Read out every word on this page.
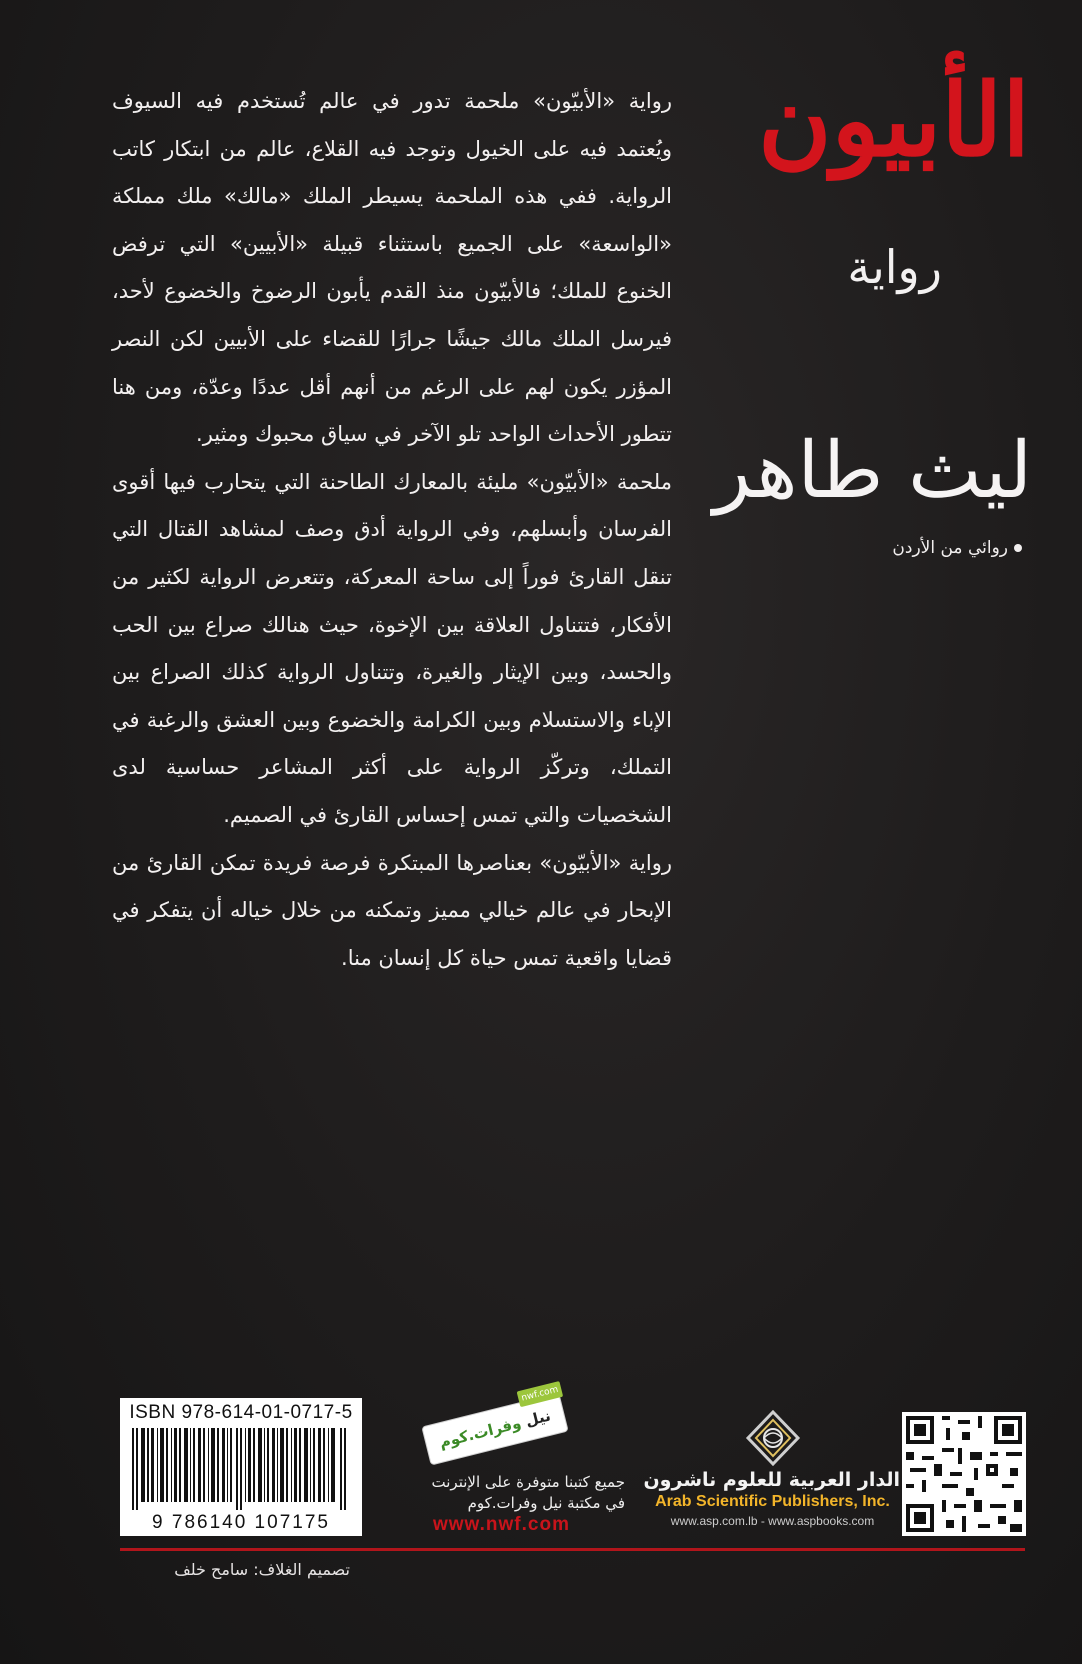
الأبيون
رواية
ليث طاهر
روائي من الأردن

رواية «الأبيّون» ملحمة تدور في عالم تُستخدم فيه السيوف ويُعتمد فيه على الخيول وتوجد فيه القلاع، عالم من ابتكار كاتب الرواية. ففي هذه الملحمة يسيطر الملك «مالك» ملك مملكة «الواسعة» على الجميع باستثناء قبيلة «الأبيين» التي ترفض الخنوع للملك؛ فالأبيّون منذ القدم يأبون الرضوخ والخضوع لأحد، فيرسل الملك مالك جيشًا جرارًا للقضاء على الأبيين لكن النصر المؤزر يكون لهم على الرغم من أنهم أقل عددًا وعدّة، ومن هنا تتطور الأحداث الواحد تلو الآخر في سياق محبوك ومثير.

ملحمة «الأبيّون» مليئة بالمعارك الطاحنة التي يتحارب فيها أقوى الفرسان وأبسلهم، وفي الرواية أدق وصف لمشاهد القتال التي تنقل القارئ فوراً إلى ساحة المعركة، وتتعرض الرواية لكثير من الأفكار، فتتناول العلاقة بين الإخوة، حيث هنالك صراع بين الحب والحسد، وبين الإيثار والغيرة، وتتناول الرواية كذلك الصراع بين الإباء والاستسلام وبين الكرامة والخضوع وبين العشق والرغبة في التملك، وتركّز الرواية على أكثر المشاعر حساسية لدى الشخصيات والتي تمس إحساس القارئ في الصميم.

رواية «الأبيّون» بعناصرها المبتكرة فرصة فريدة تمكن القارئ من الإبحار في عالم خيالي مميز وتمكنه من خلال خياله أن يتفكر في قضايا واقعية تمس حياة كل إنسان منا.

ISBN 978-614-01-0717-5
9 786140 107175
نيل وفرات.كوم
nwf.com
جميع كتبنا متوفرة على الإنترنت
في مكتبة نيل وفرات.كوم
www.nwf.com
الدار العربية للعلوم ناشرون
Arab Scientific Publishers, Inc.
www.asp.com.lb - www.aspbooks.com
تصميم الغلاف: سامح خلف
